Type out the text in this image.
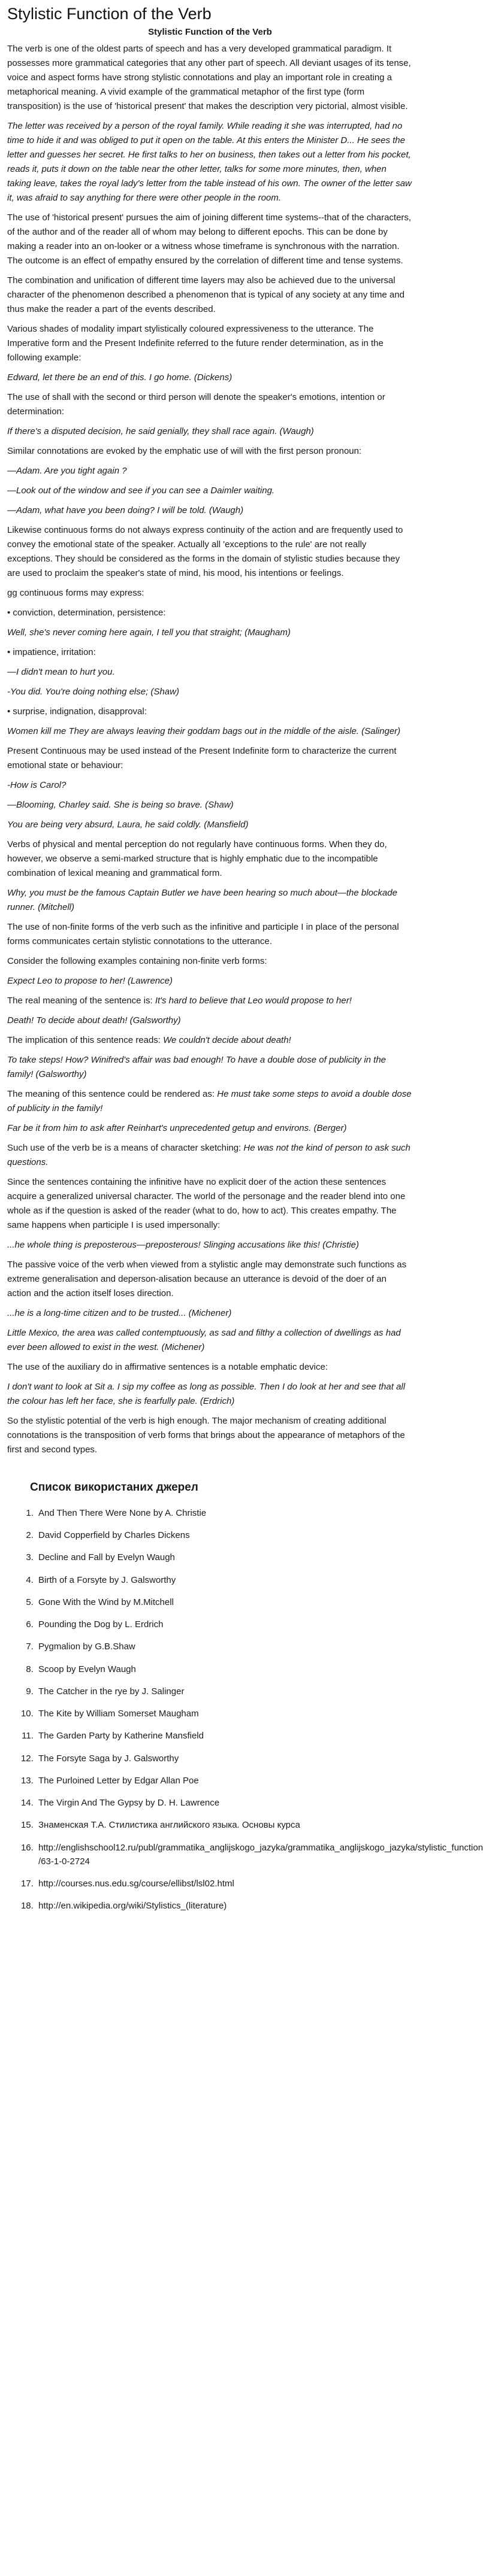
Stylistic Function of the Verb
Stylistic Function of the Verb

The verb is one of the oldest parts of speech and has a very developed grammatical paradigm. It possesses more grammatical categories that any other part of speech. All deviant usages of its tense, voice and aspect forms have strong stylistic connotations and play an important role in creating a metaphorical meaning. A vivid example of the grammatical metaphor of the first type (form transposition) is the use of 'historical present' that makes the description very pictorial, almost visible.

The letter was received by a person of the royal family. While reading it she was interrupted, had no time to hide it and was obliged to put it open on the table. At this enters the Minister D... He sees the letter and guesses her secret. He first talks to her on business, then takes out a letter from his pocket, reads it, puts it down on the table near the other letter, talks for some more minutes, then, when taking leave, takes the royal lady's letter from the table instead of his own. The owner of the letter saw it, was afraid to say anything for there were other people in the room.

The use of 'historical present' pursues the aim of joining different time systems--that of the characters, of the author and of the reader all of whom may belong to different epochs. This can be done by making a reader into an on-looker or a witness whose timeframe is synchronous with the narration. The outcome is an effect of empathy ensured by the correlation of different time and tense systems.

The combination and unification of different time layers may also be achieved due to the universal character of the phenomenon described a phenomenon that is typical of any society at any time and thus make the reader a part of the events described.

Various shades of modality impart stylistically coloured expressiveness to the utterance. The Imperative form and the Present Indefinite referred to the future render determination, as in the following example:

Edward, let there be an end of this. I go home. (Dickens)

The use of shall with the second or third person will denote the speaker's emotions, intention or determination:

If there's a disputed decision, he said genially, they shall race again. (Waugh)

Similar connotations are evoked by the emphatic use of will with the first person pronoun:

—Adam. Are you tight again ?

—Look out of the window and see if you can see a Daimler waiting.

—Adam, what have you been doing? I will be told. (Waugh)

Likewise continuous forms do not always express continuity of the action and are frequently used to convey the emotional state of the speaker. Actually all 'exceptions to the rule' are not really exceptions. They should be considered as the forms in the domain of stylistic studies because they are used to proclaim the speaker's state of mind, his mood, his intentions or feelings.

gg continuous forms may express:

• conviction, determination, persistence:

Well, she's never coming here again, I tell you that straight; (Maugham)

• impatience, irritation:

—I didn't mean to hurt you.

-You did. You're doing nothing else; (Shaw)

• surprise, indignation, disapproval:

Women kill me They are always leaving their goddam bags out in the middle of the aisle. (Salinger)

Present Continuous may be used instead of the Present Indefinite form to characterize the current emotional state or behaviour:

-How is Carol?

—Blooming, Charley said. She is being so brave. (Shaw)

You are being very absurd, Laura, he said coldly. (Mansfield)

Verbs of physical and mental perception do not regularly have continuous forms. When they do, however, we observe a semi-marked structure that is highly emphatic due to the incompatible combination of lexical meaning and grammatical form.

Why, you must be the famous Captain Butler we have been hearing so much about—the blockade runner. (Mitchell)

The use of non-finite forms of the verb such as the infinitive and participle I in place of the personal forms communicates certain stylistic connotations to the utterance.

Consider the following examples containing non-finite verb forms:

Expect Leo to propose to her! (Lawrence)

The real meaning of the sentence is: It's hard to believe that Leo would propose to her!

Death! To decide about death! (Galsworthy)

The implication of this sentence reads: We couldn't decide about death!

To take steps! How? Winifred's affair was bad enough! To have a double dose of publicity in the family! (Galsworthy)

The meaning of this sentence could be rendered as: He must take some steps to avoid a double dose of publicity in the family!

Far be it from him to ask after Reinhart's unprecedented getup and environs. (Berger)

Such use of the verb be is a means of character sketching: He was not the kind of person to ask such questions.

Since the sentences containing the infinitive have no explicit doer of the action these sentences acquire a generalized universal character. The world of the personage and the reader blend into one whole as if the question is asked of the reader (what to do, how to act). This creates empathy. The same happens when participle I is used impersonally:

...he whole thing is preposterous—preposterous! Slinging accusations like this! (Christie)

The passive voice of the verb when viewed from a stylistic angle may demonstrate such functions as extreme generalisation and deperson-alisation because an utterance is devoid of the doer of an action and the action itself loses direction.

...he is a long-time citizen and to be trusted... (Michener)

Little Mexico, the area was called contemptuously, as sad and filthy a collection of dwellings as had ever been allowed to exist in the west. (Michener)

The use of the auxiliary do in affirmative sentences is a notable emphatic device:

I don't want to look at Sit a. I sip my coffee as long as possible. Then I do look at her and see that all the colour has left her face, she is fearfully pale. (Erdrich)

So the stylistic potential of the verb is high enough. The major mechanism of creating additional connotations is the transposition of verb forms that brings about the appearance of metaphors of the first and second types.

Список використаних джерел
1. And Then There Were None by A. Christie
2. David Copperfield by Charles Dickens
3. Decline and Fall by Evelyn Waugh
4. Birth of a Forsyte by J. Galsworthy
5. Gone With the Wind by M.Mitchell
6. Pounding the Dog by L. Erdrich
7. Pygmalion by G.B.Shaw
8. Scoop by Evelyn Waugh
9. The Catcher in the rye by J. Salinger
10. The Kite by William Somerset Maugham
11. The Garden Party by Katherine Mansfield
12. The Forsyte Saga by J. Galsworthy
13. The Purloined Letter by Edgar Allan Poe
14. The Virgin And The Gypsy by D. H. Lawrence
15. Знаменская Т.А. Стилистика английского языка. Основы курса
16. http://englishschool12.ru/publ/grammatika_anglijskogo_jazyka/grammatika_anglijskogo_jazyka/stylistic_function /63-1-0-2724
17. http://courses.nus.edu.sg/course/ellibst/lsl02.html
18. http://en.wikipedia.org/wiki/Stylistics_(literature)
